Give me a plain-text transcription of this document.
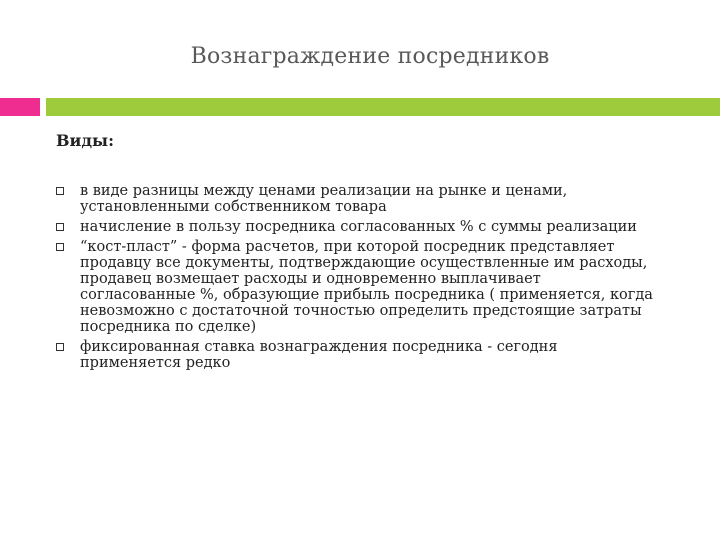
Вознаграждение посредников
Виды:
в виде разницы между ценами реализации на рынке и ценами, установленными собственником товара
начисление в пользу посредника согласованных % с суммы реализации
“кост-пласт” - форма расчетов, при которой посредник представляет продавцу все документы, подтверждающие осуществленные им расходы, продавец возмещает расходы и одновременно выплачивает согласованные %, образующие прибыль посредника ( применяется, когда невозможно с достаточной точностью определить предстоящие затраты посредника по сделке)
фиксированная ставка вознаграждения посредника - сегодня применяется редко
